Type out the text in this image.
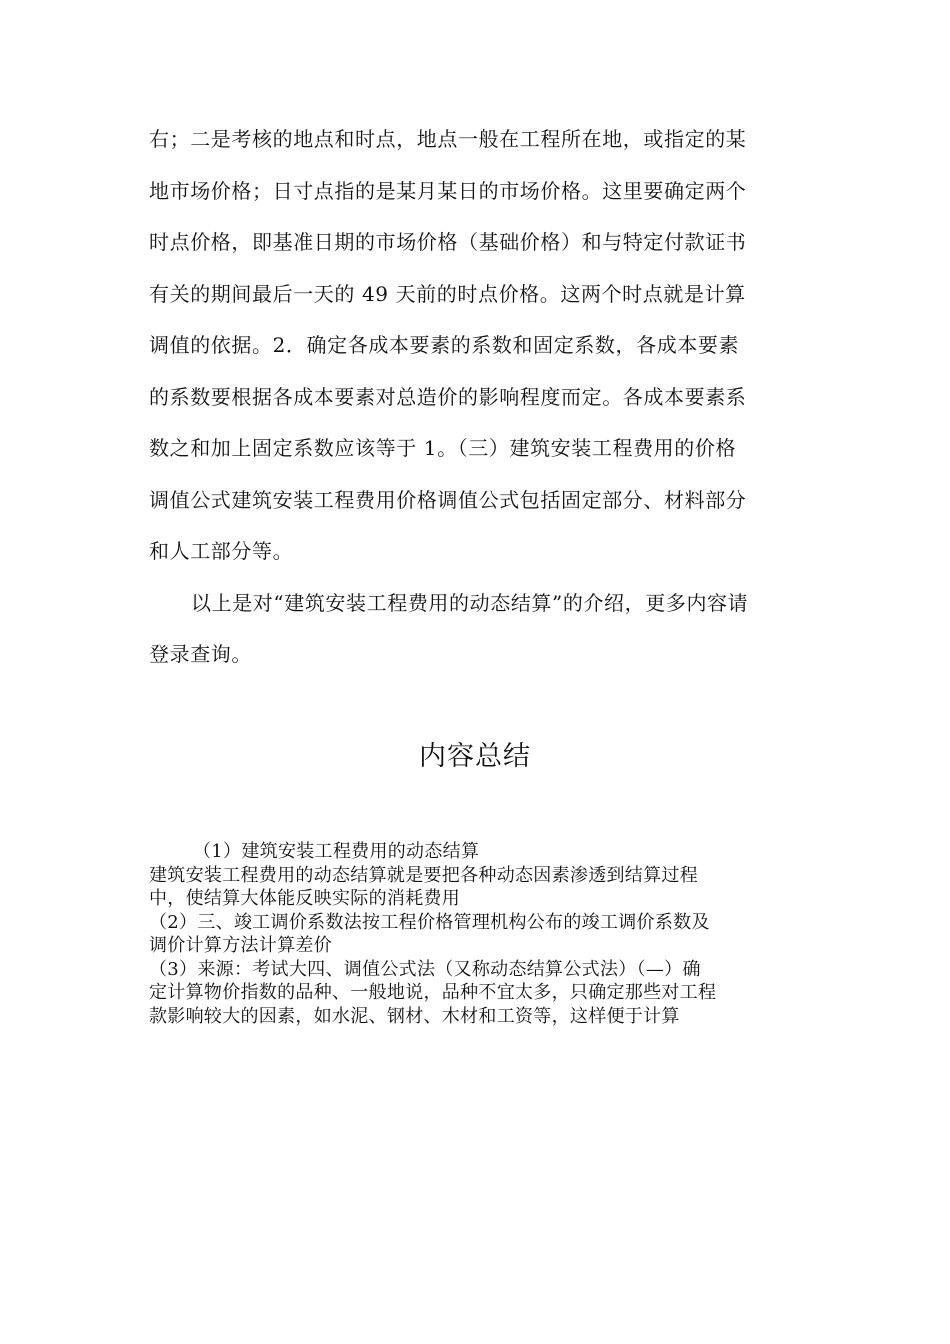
右；二是考核的地点和时点，地点一般在工程所在地，或指定的某
地市场价格；日寸点指的是某月某日的市场价格。这里要确定两个
时点价格，即基准日期的市场价格（基础价格）和与特定付款证书
有关的期间最后一天的 49 天前的时点价格。这两个时点就是计算
调值的依据。2．确定各成本要素的系数和固定系数，各成本要素
的系数要根据各成本要素对总造价的影响程度而定。各成本要素系
数之和加上固定系数应该等于 1。（三）建筑安装工程费用的价格
调值公式建筑安装工程费用价格调值公式包括固定部分、材料部分
和人工部分等。
以上是对“建筑安装工程费用的动态结算”的介绍，更多内容请
登录查询。
内容总结
（1）建筑安装工程费用的动态结算
建筑安装工程费用的动态结算就是要把各种动态因素渗透到结算过程
中，使结算大体能反映实际的消耗费用
（2）三、竣工调价系数法按工程价格管理机构公布的竣工调价系数及
调价计算方法计算差价
（3）来源：考试大四、调值公式法（又称动态结算公式法）（—）确
定计算物价指数的品种、一般地说，品种不宜太多，只确定那些对工程
款影响较大的因素，如水泥、钢材、木材和工资等，这样便于计算
